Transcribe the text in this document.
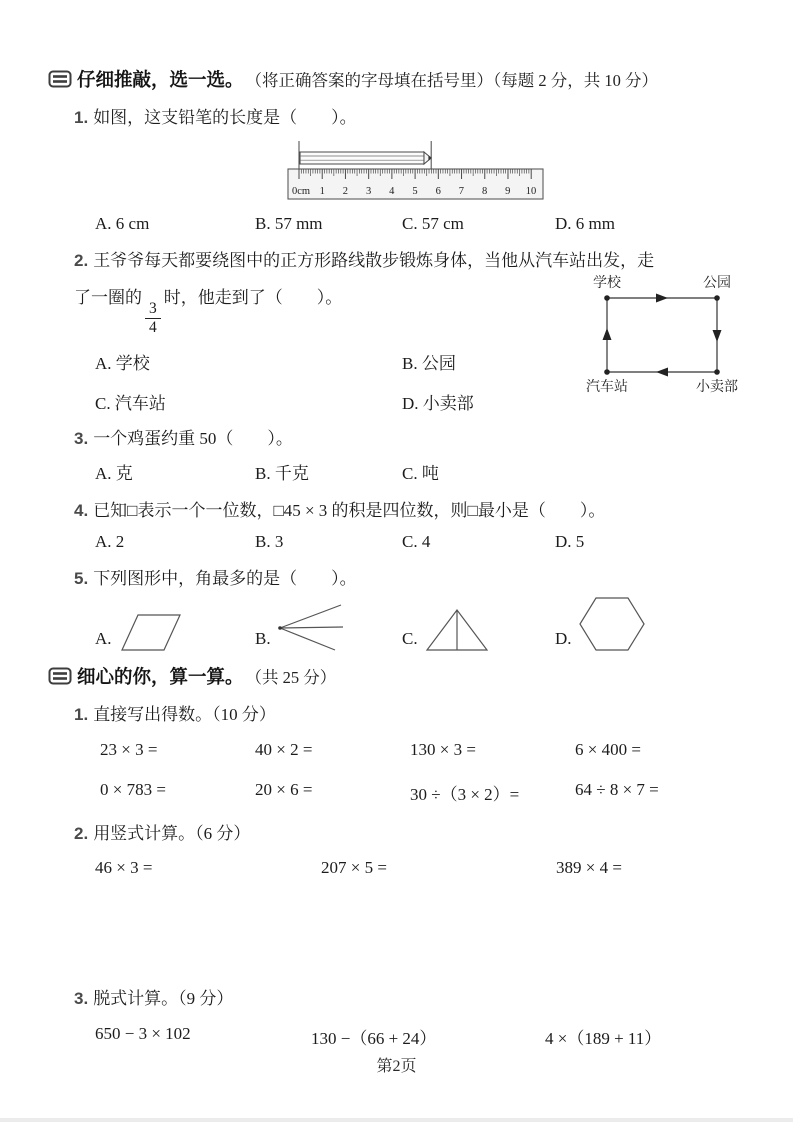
仔细推敲，选一选。 （将正确答案的字母填在括号里）（每题 2 分，共 10 分）
1. 如图，这支铅笔的长度是（　　）。
0cm 1 2 3 4 5 6 7 8 9 10
A. 6 cm	B. 57 mm	C. 57 cm	D. 6 mm
2. 王爷爷每天都要绕图中的正方形路线散步锻炼身体，当他从汽车站出发，走
了一圈的
$\frac{3}{4}$
时，他走到了（　　）。
A. 学校	B. 公园
C. 汽车站	D. 小卖部
学校	公园
汽车站	小卖部
3. 一个鸡蛋约重 50（　　）。
A. 克	B. 千克	C. 吨
4. 已知□表示一个一位数，□45 × 3 的积是四位数，则□最小是（　　）。
A. 2	B. 3	C. 4	D. 5
5. 下列图形中，角最多的是（　　）。
A.	B.	C.	D.
细心的你，算一算。 （共 25 分）
1. 直接写出得数。（10 分）
23 × 3 =	40 × 2 =	130 × 3 =	6 × 400 =
0 × 783 =	20 × 6 =	30 ÷（3 × 2）=	64 ÷ 8 × 7 =
2. 用竖式计算。（6 分）
46 × 3 =	207 × 5 =	389 × 4 =
3. 脱式计算。（9 分）
650 − 3 × 102	130 −（66 + 24）	4 ×（189 + 11）
第2页
